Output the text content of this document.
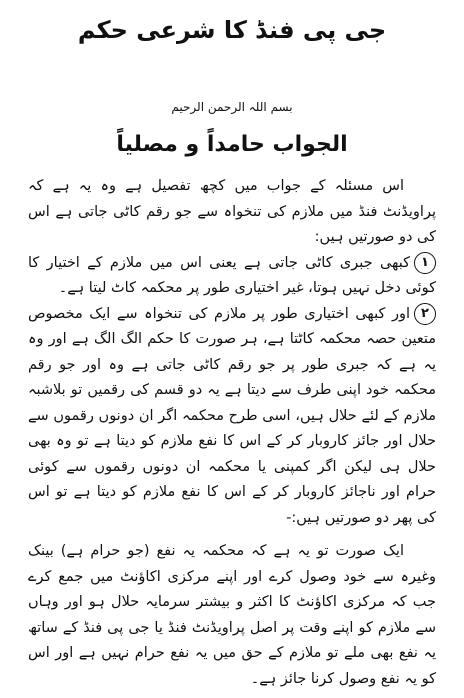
جی پی فنڈ کا شرعی حکم
بسم اللہ الرحمن الرحیم
الجواب حامداً و مصلیاً

اس مسئلہ کے جواب میں کچھ تفصیل ہے وہ یہ ہے کہ پراویڈنٹ فنڈ میں ملازم کی تنخواہ سے جو رقم کاٹی جاتی ہے اس کی دو صورتیں ہیں:

١کبھی جبری کاٹی جاتی ہے یعنی اس میں ملازم کے اختیار کا کوئی دخل نہیں ہوتا، غیر اختیاری طور پر محکمہ کاٹ لیتا ہے۔

٢اور کبھی اختیاری طور پر ملازم کی تنخواہ سے ایک مخصوص متعین حصہ محکمہ کاٹتا ہے، ہر صورت کا حکم الگ الگ ہے اور وہ یہ ہے کہ جبری طور پر جو رقم کاٹی جاتی ہے وہ اور جو رقم محکمہ خود اپنی طرف سے دیتا ہے یہ دو قسم کی رقمیں تو بلاشبہ ملازم کے لئے حلال ہیں، اسی طرح محکمہ اگر ان دونوں رقموں سے حلال اور جائز کاروبار کر کے اس کا نفع ملازم کو دیتا ہے تو وہ بھی حلال ہی لیکن اگر کمپنی یا محکمہ ان دونوں رقموں سے کوئی حرام اور ناجائز کاروبار کر کے اس کا نفع ملازم کو دیتا ہے تو اس کی پھر دو صورتیں ہیں:-

ایک صورت تو یہ ہے کہ محکمہ یہ نفع (جو حرام ہے) بینک وغیرہ سے خود وصول کرے اور اپنے مرکزی اکاؤنٹ میں جمع کرے جب کہ مرکزی اکاؤنٹ کا اکثر و بیشتر سرمایہ حلال ہو اور وہاں سے ملازم کو اپنے وقت پر اصل پراویڈنٹ فنڈ یا جی پی فنڈ کے ساتھ یہ نفع بھی ملے تو ملازم کے حق میں یہ نفع حرام نہیں ہے اور اس کو یہ نفع وصول کرنا جائز ہے۔
